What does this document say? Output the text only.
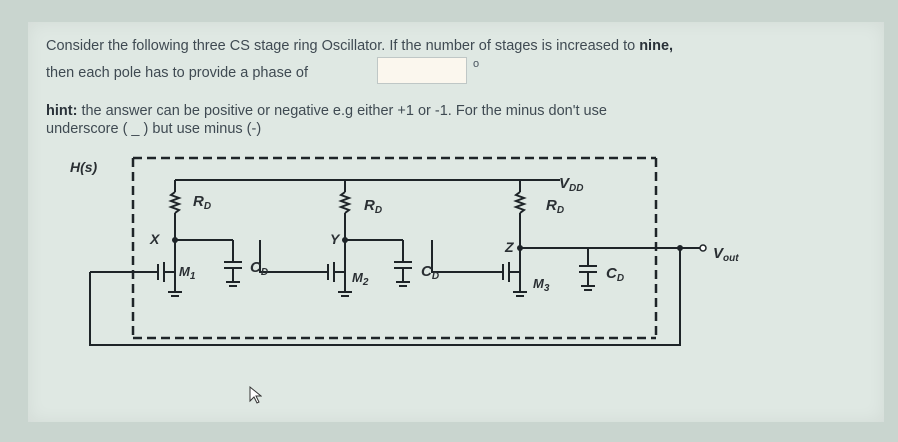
Consider the following three CS stage ring Oscillator. If the number of stages is increased to nine,
then each pole has to provide a phase of
o
hint: the answer can be positive or negative e.g either +1 or -1. For the minus don't use
underscore ( _ ) but use minus (-)
H(s)
$V_{DD}$
$R_D$	$R_D$	$R_D$
X	Y	Z
$C_D$	$C_D$	$C_D$
$M_1$	$M_2$	$M_3$
$V_{out}$
